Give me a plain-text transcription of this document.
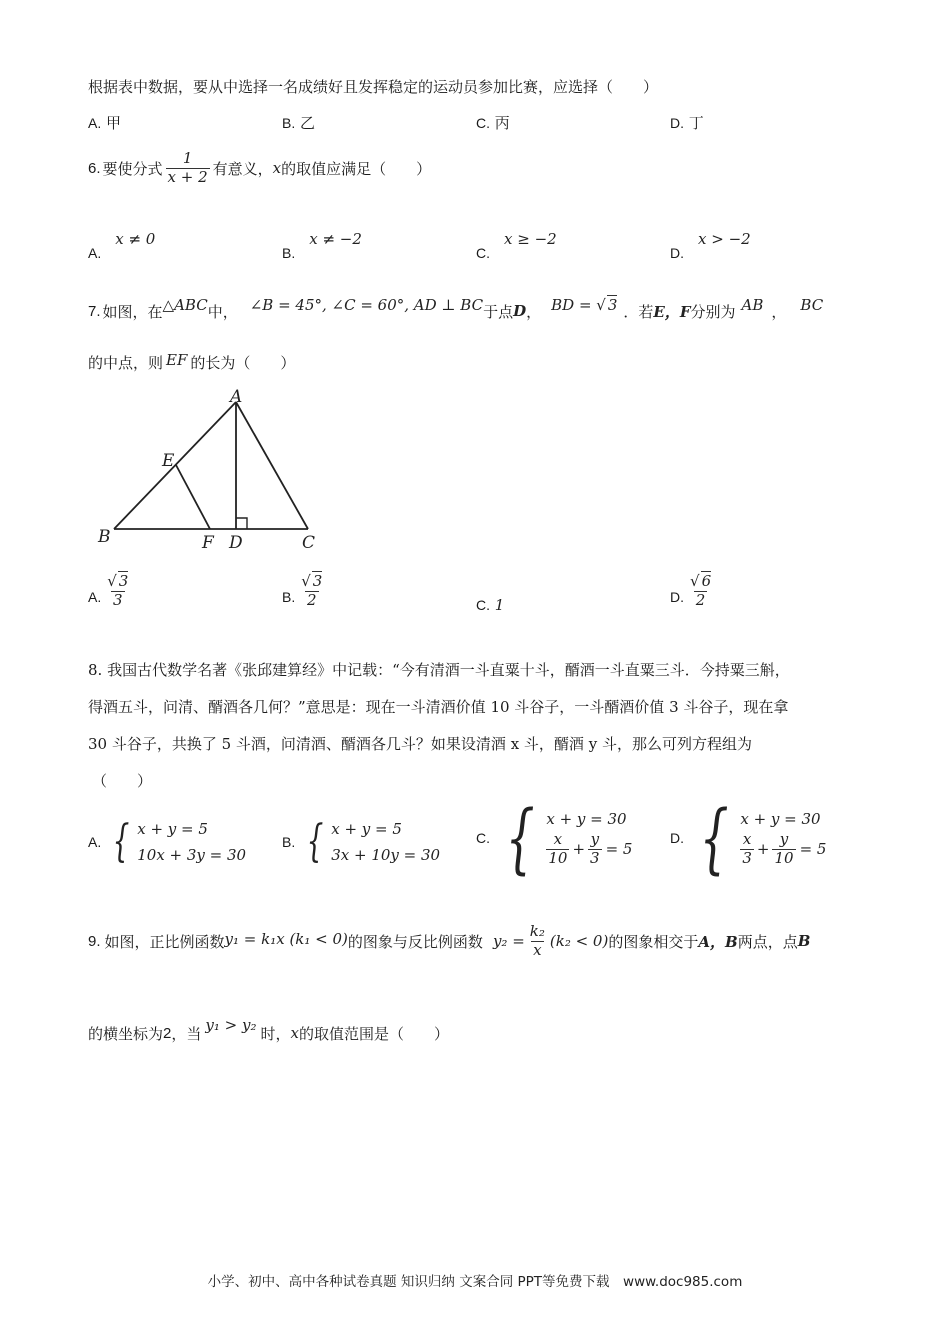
根据表中数据，要从中选择一名成绩好且发挥稳定的运动员参加比赛，应选择（　　）
A. 甲	B. 乙	C. 丙	D. 丁
6. 要使分式 $\frac{1}{x + 2}$ 有意义， x 的取值应满足（　　）
A.x ≠ 0
B.x ≠ −2
C.x ≥ −2
D.x > −2
7. 如图，在 △ABC 中， ∠B = 45°, ∠C = 60°, AD ⊥ BC 于点 D ， BD = √ 3 ．若 E，F 分别为 AB ， BC
的中点，则 EF 的长为（　　）
A
E
B	F D	C
A. $\frac{√ 3}{3}$	B. $\frac{√ 3}{2}$	C. 1	D. $\frac{√ 6}{2}$
8. 我国古代数学名著《张邱建算经》中记载：“今有清酒一斗直粟十斗，醑酒一斗直粟三斗．今持粟三斛，
得酒五斗，问清、醑酒各几何？”意思是：现在一斗清酒价值 10 斗谷子，一斗醑酒价值 3 斗谷子，现在拿
30 斗谷子，共换了 5 斗酒，问清酒、醑酒各几斗？如果设清酒 x 斗，醑酒 y 斗，那么可列方程组为
（　　）
A. { x + y = 5
10x + 3y = 30
B. { x + y = 5
3x + 10y = 30
C. { x + y = 30
$\frac{x}{10} + \frac{y}{3} = 5$
D. { x + y = 30
$\frac{x}{3} + \frac{y}{10} = 5$
9. 如图，正比例函数 y₁ = k₁x (k₁ < 0) 的图象与反比例函数 $y_2 = \frac{\text{k₂}}{x} (k_2 < 0)$ 的图象相交于 A，B 两点，点 B
的横坐标为 2 ，当 y₁ > y₂ 时， x 的取值范围是（　　）
小学、初中、高中各种试卷真题 知识归纳 文案合同 PPT等免费下载　www.doc985.com
